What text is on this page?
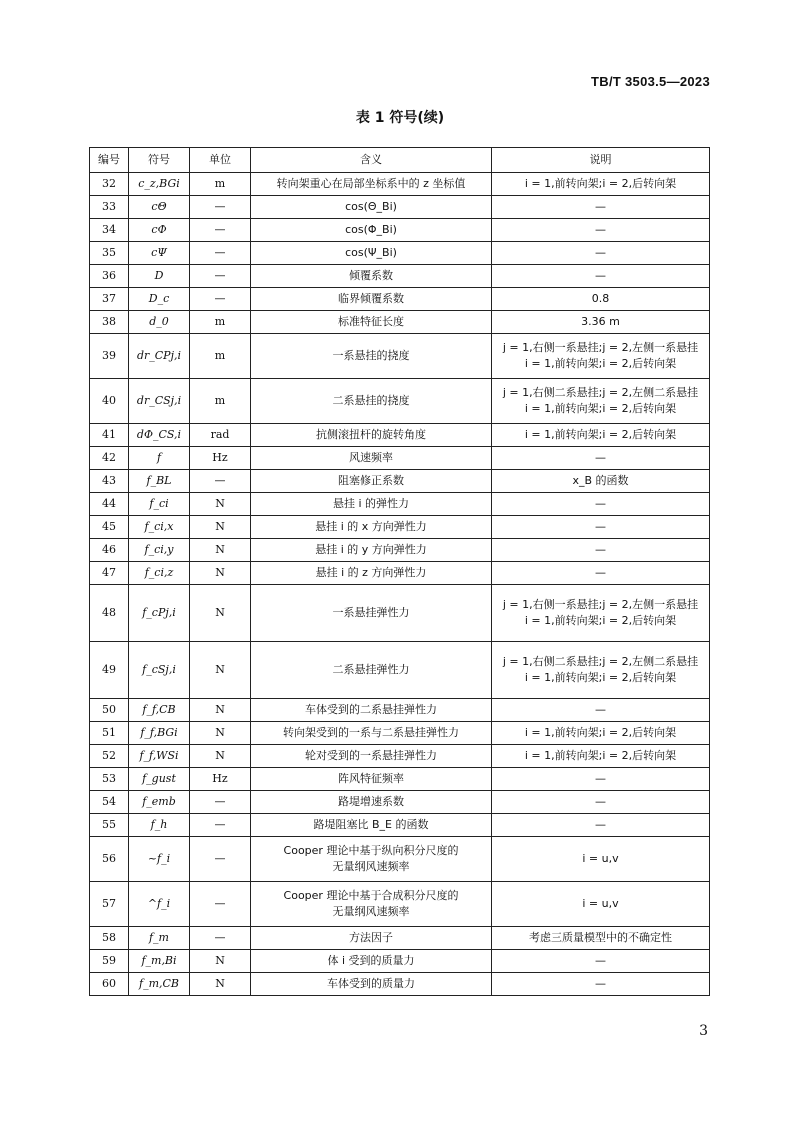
TB/T 3503.5—2023
表 1 符号(续)
编号	符号	单位	含义	说明
32	c_z,BGi	m	转向架重心在局部坐标系中的 z 坐标值	i = 1,前转向架;i = 2,后转向架
33	cΘ	—	cos(Θ_Bi)	—
34	cΦ	—	cos(Φ_Bi)	—
35	cΨ	—	cos(Ψ_Bi)	—
36	D	—	倾覆系数	—
37	D_c	—	临界倾覆系数	0.8
38	d_0	m	标准特征长度	3.36 m
39	dr_CPj,i	m	一系悬挂的挠度	j = 1,右侧一系悬挂;j = 2,左侧一系悬挂
i = 1,前转向架;i = 2,后转向架
40	dr_CSj,i	m	二系悬挂的挠度	j = 1,右侧二系悬挂;j = 2,左侧二系悬挂
i = 1,前转向架;i = 2,后转向架
41	dΦ_CS,i	rad	抗侧滚扭杆的旋转角度	i = 1,前转向架;i = 2,后转向架
42	f	Hz	风速频率	—
43	f_BL	—	阻塞修正系数	x_B 的函数
44	f_ci	N	悬挂 i 的弹性力	—
45	f_ci,x	N	悬挂 i 的 x 方向弹性力	—
46	f_ci,y	N	悬挂 i 的 y 方向弹性力	—
47	f_ci,z	N	悬挂 i 的 z 方向弹性力	—
48	f_cPj,i	N	一系悬挂弹性力	j = 1,右侧一系悬挂;j = 2,左侧一系悬挂
i = 1,前转向架;i = 2,后转向架
49	f_cSj,i	N	二系悬挂弹性力	j = 1,右侧二系悬挂;j = 2,左侧二系悬挂
i = 1,前转向架;i = 2,后转向架
50	f_f,CB	N	车体受到的二系悬挂弹性力	—
51	f_f,BGi	N	转向架受到的一系与二系悬挂弹性力	i = 1,前转向架;i = 2,后转向架
52	f_f,WSi	N	轮对受到的一系悬挂弹性力	i = 1,前转向架;i = 2,后转向架
53	f_gust	Hz	阵风特征频率	—
54	f_emb	—	路堤增速系数	—
55	f_h	—	路堤阻塞比 B_E 的函数	—
56	~f_i	—	Cooper 理论中基于纵向积分尺度的
无量纲风速频率	i = u,v
57	^f_i	—	Cooper 理论中基于合成积分尺度的
无量纲风速频率	i = u,v
58	f_m	—	方法因子	考虑三质量模型中的不确定性
59	f_m,Bi	N	体 i 受到的质量力	—
60	f_m,CB	N	车体受到的质量力	—
3
